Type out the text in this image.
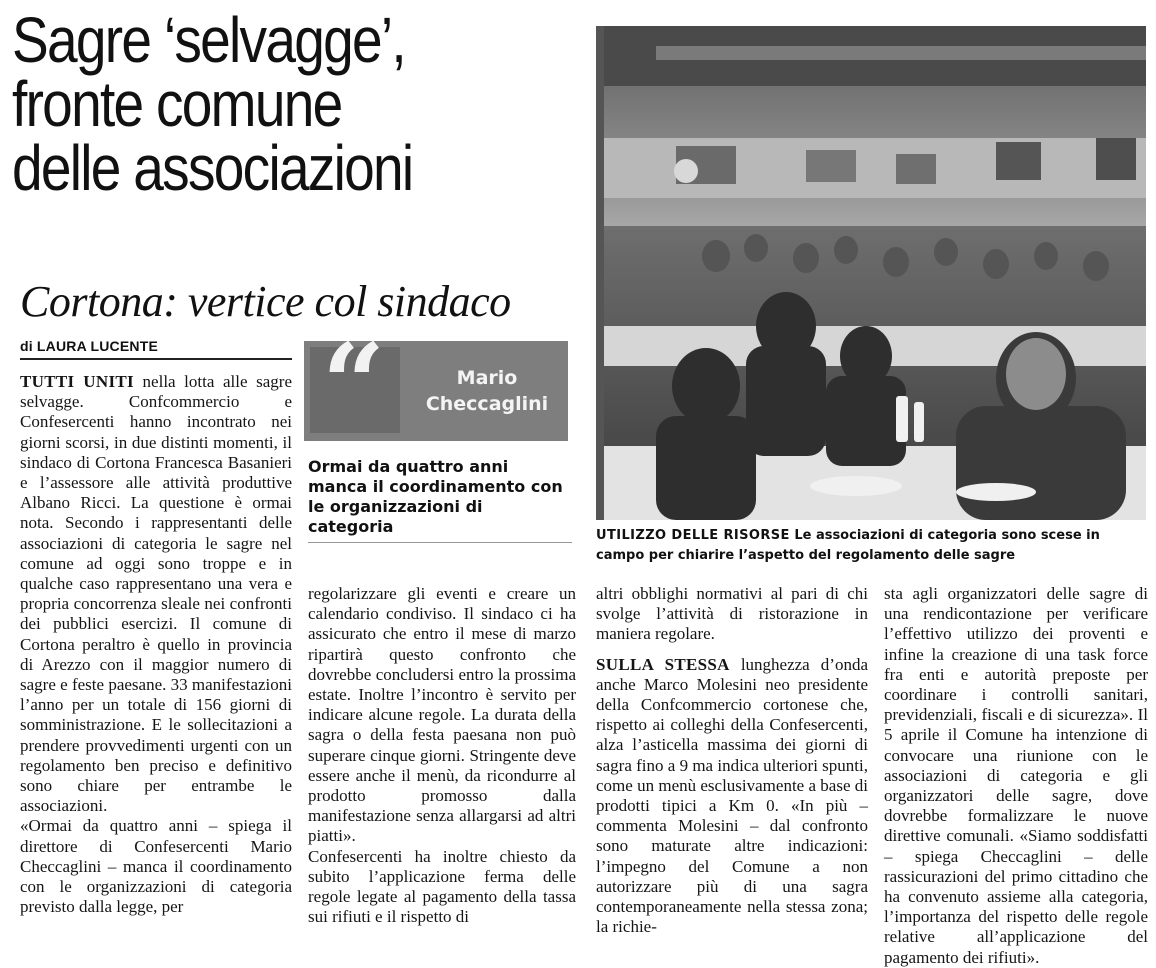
Sagre ‘selvagge’,
fronte comune
delle associazioni
Cortona: vertice col sindaco
di LAURA LUCENTE

TUTTI UNITI nella lotta alle sagre selvagge. Confcommercio e Confesercenti hanno incontrato nei giorni scorsi, in due distinti momenti, il sindaco di Cortona Francesca Basanieri e l’assessore alle attività produttive Albano Ricci. La questione è ormai nota. Secondo i rappresentanti delle associazioni di categoria le sagre nel comune ad oggi sono troppe e in qualche caso rappresentano una vera e propria concorrenza sleale nei confronti dei pubblici esercizi. Il comune di Cortona peraltro è quello in provincia di Arezzo con il maggior numero di sagre e feste paesane. 33 manifestazioni l’anno per un totale di 156 giorni di somministrazione. E le sollecitazioni a prendere provvedimenti urgenti con un regolamento ben preciso e definitivo sono chiare per entrambe le associazioni.

«Ormai da quattro anni – spiega il direttore di Confesercenti Mario Checcaglini – manca il coordinamento con le organizzazioni di categoria previsto dalla legge, per

“	Mario
Checcaglini
Ormai da quattro anni manca il coordinamento con le organizzazioni di categoria

regolarizzare gli eventi e creare un calendario condiviso. Il sindaco ci ha assicurato che entro il mese di marzo ripartirà questo confronto che dovrebbe concludersi entro la prossima estate. Inoltre l’incontro è servito per indicare alcune regole. La durata della sagra o della festa paesana non può superare cinque giorni. Stringente deve essere anche il menù, da ricondurre al prodotto promosso dalla manifestazione senza allargarsi ad altri piatti».

Confesercenti ha inoltre chiesto da subito l’applicazione ferma delle regole legate al pagamento della tassa sui rifiuti e il rispetto di

UTILIZZO DELLE RISORSE Le associazioni di categoria sono scese in campo per chiarire l’aspetto del regolamento delle sagre

altri obblighi normativi al pari di chi svolge l’attività di ristorazione in maniera regolare.

SULLA STESSA lunghezza d’onda anche Marco Molesini neo presidente della Confcommercio cortonese che, rispetto ai colleghi della Confesercenti, alza l’asticella massima dei giorni di sagra fino a 9 ma indica ulteriori spunti, come un menù esclusivamente a base di prodotti tipici a Km 0. «In più – commenta Molesini – dal confronto sono maturate altre indicazioni: l’impegno del Comune a non autorizzare più di una sagra contemporaneamente nella stessa zona; la richie-

sta agli organizzatori delle sagre di una rendicontazione per verificare l’effettivo utilizzo dei proventi e infine la creazione di una task force fra enti e autorità preposte per coordinare i controlli sanitari, previdenziali, fiscali e di sicurezza». Il 5 aprile il Comune ha intenzione di convocare una riunione con le associazioni di categoria e gli organizzatori delle sagre, dove dovrebbe formalizzare le nuove direttive comunali. «Siamo soddisfatti – spiega Checcaglini – delle rassicurazioni del primo cittadino che ha convenuto assieme alla categoria, l’importanza del rispetto delle regole relative all’applicazione del pagamento dei rifiuti».
